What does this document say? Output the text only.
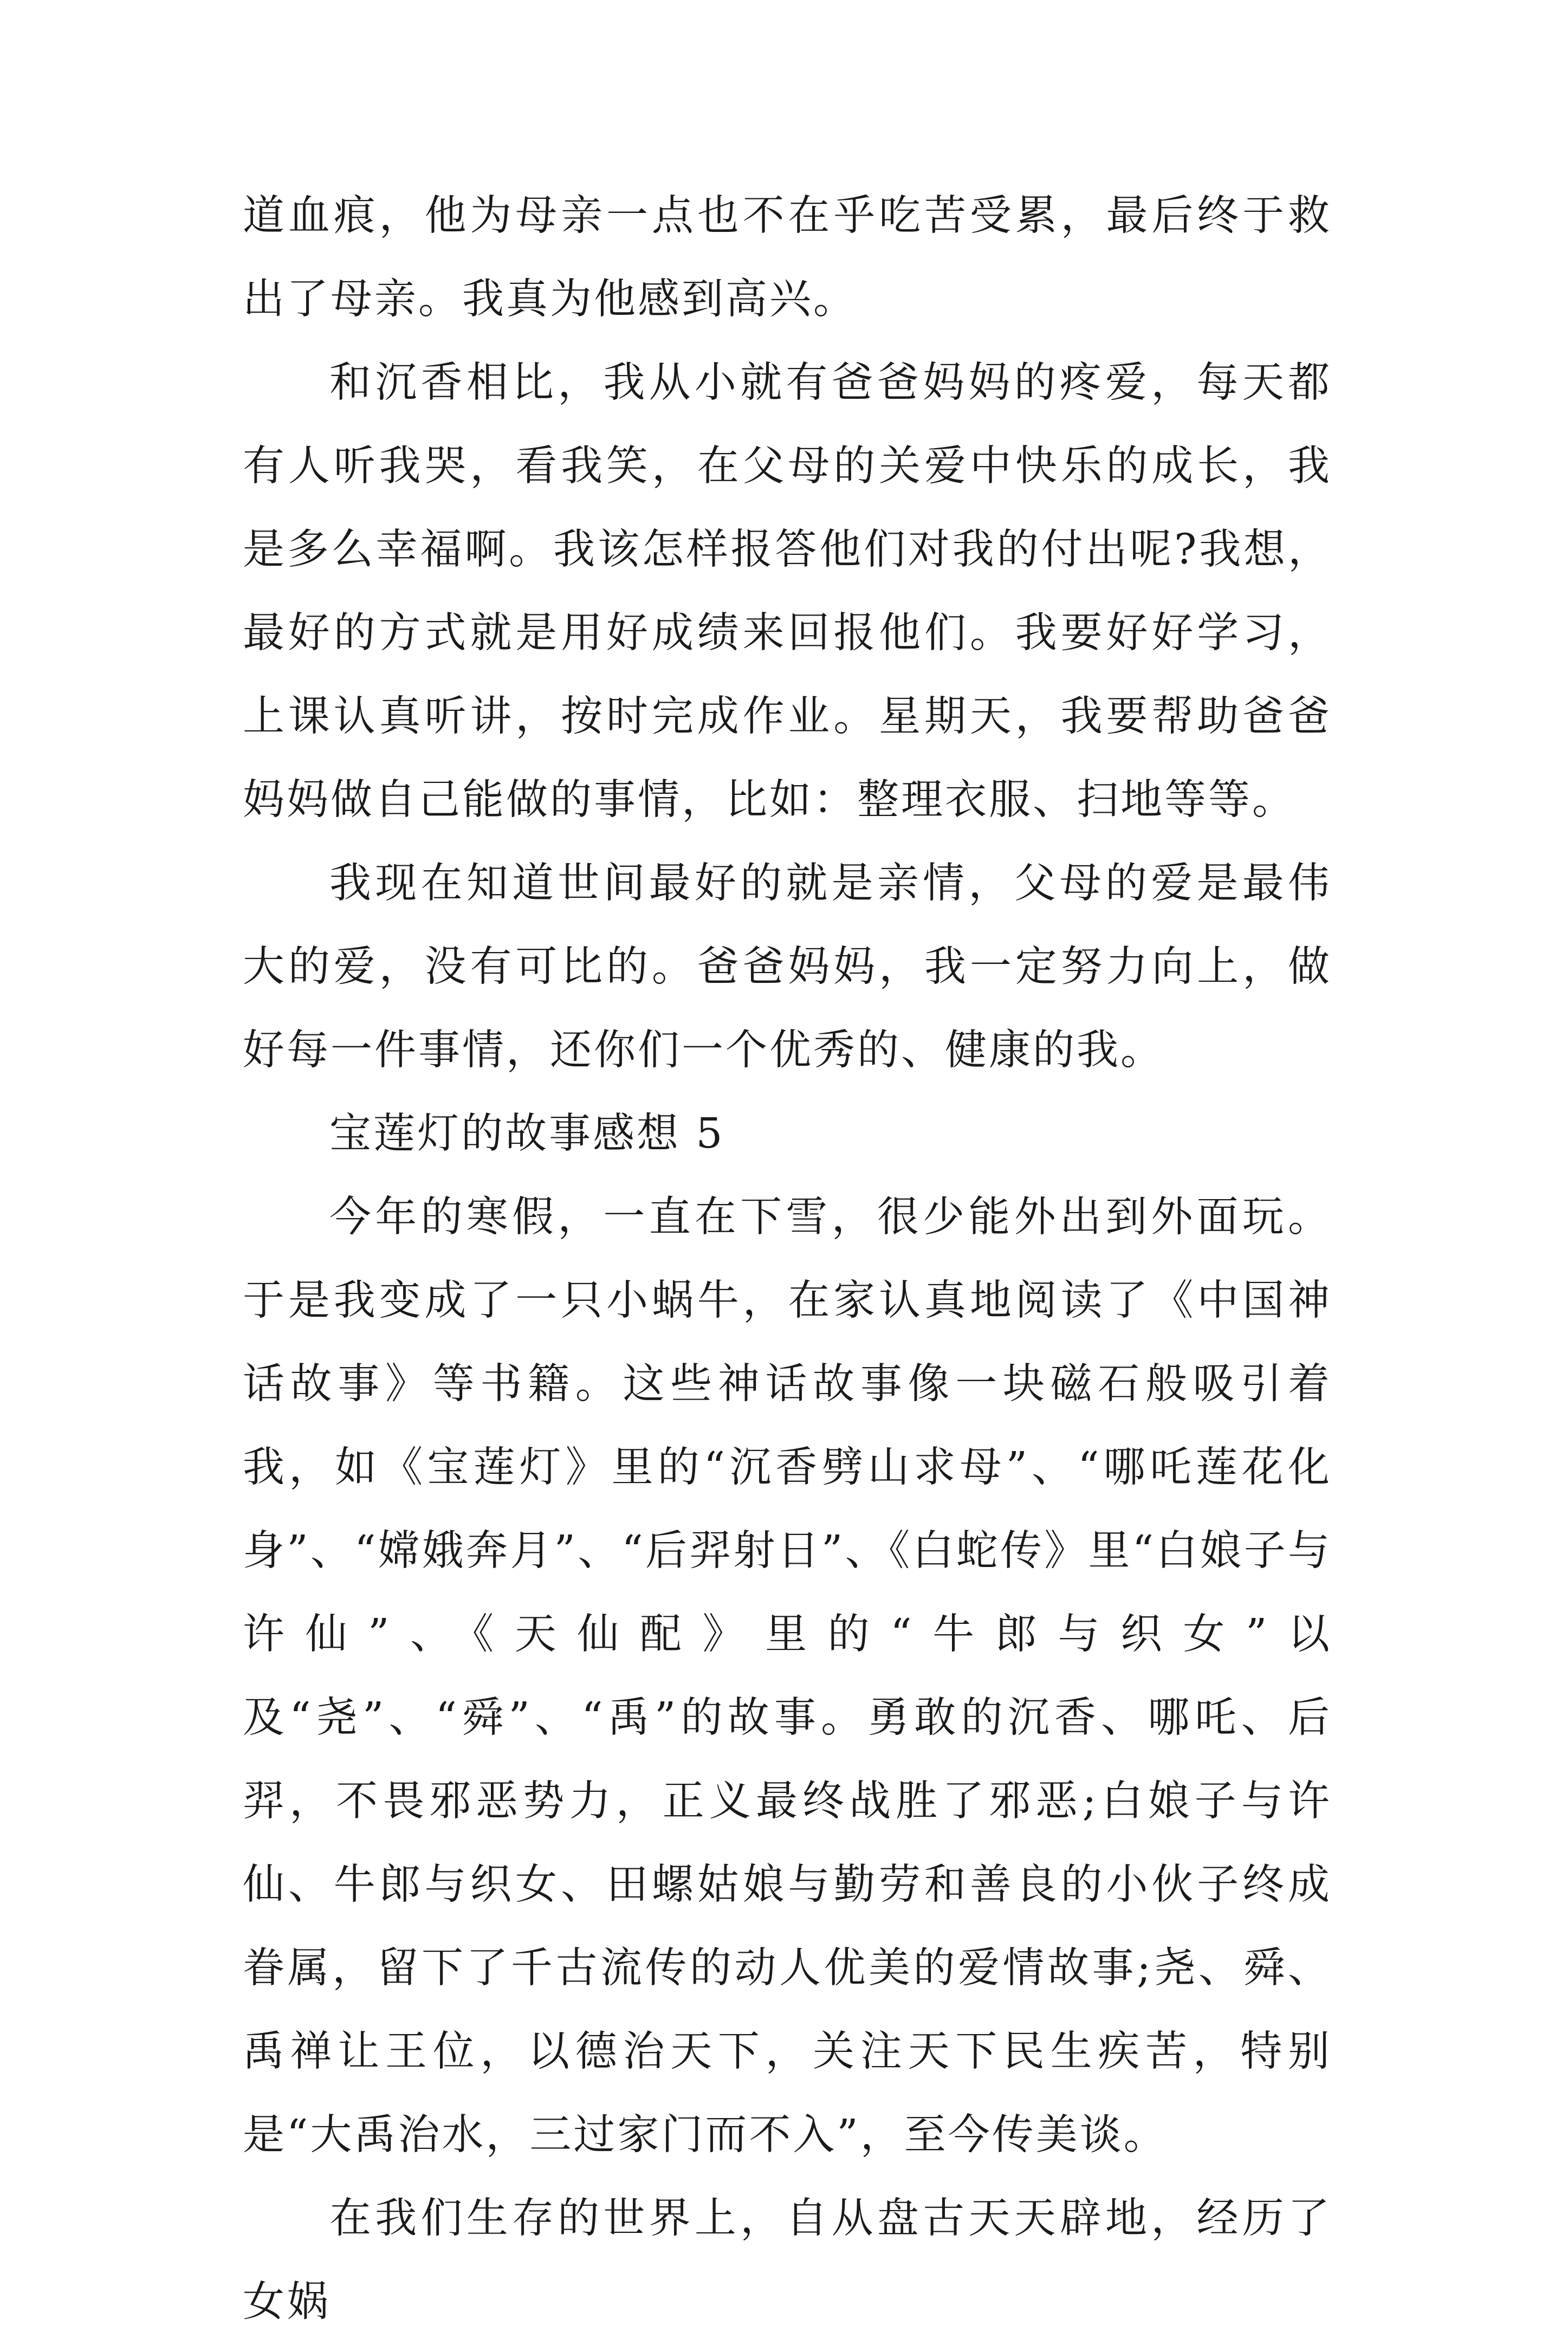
道血痕，他为母亲一点也不在乎吃苦受累，最后终于救出了母亲。我真为他感到高兴。

和沉香相比，我从小就有爸爸妈妈的疼爱，每天都有人听我哭，看我笑，在父母的关爱中快乐的成长，我是多么幸福啊。我该怎样报答他们对我的付出呢?我想，最好的方式就是用好成绩来回报他们。我要好好学习，上课认真听讲，按时完成作业。星期天，我要帮助爸爸妈妈做自己能做的事情，比如：整理衣服、扫地等等。

我现在知道世间最好的就是亲情，父母的爱是最伟大的爱，没有可比的。爸爸妈妈，我一定努力向上，做好每一件事情，还你们一个优秀的、健康的我。

宝莲灯的故事感想 5

今年的寒假，一直在下雪，很少能外出到外面玩。于是我变成了一只小蜗牛，在家认真地阅读了《中国神话故事》等书籍。这些神话故事像一块磁石般吸引着我，如《宝莲灯》里的“沉香劈山求母”、“哪吒莲花化身”、“嫦娥奔月”、“后羿射日”、《白蛇传》里“白娘子与许仙”、《天仙配》里的“牛郎与织女”以及“尧”、“舜”、“禹”的故事。勇敢的沉香、哪吒、后羿，不畏邪恶势力，正义最终战胜了邪恶;白娘子与许仙、牛郎与织女、田螺姑娘与勤劳和善良的小伙子终成眷属，留下了千古流传的动人优美的爱情故事;尧、舜、禹禅让王位，以德治天下，关注天下民生疾苦，特别是“大禹治水，三过家门而不入”，至今传美谈。

在我们生存的世界上，自从盘古天天辟地，经历了女娲
